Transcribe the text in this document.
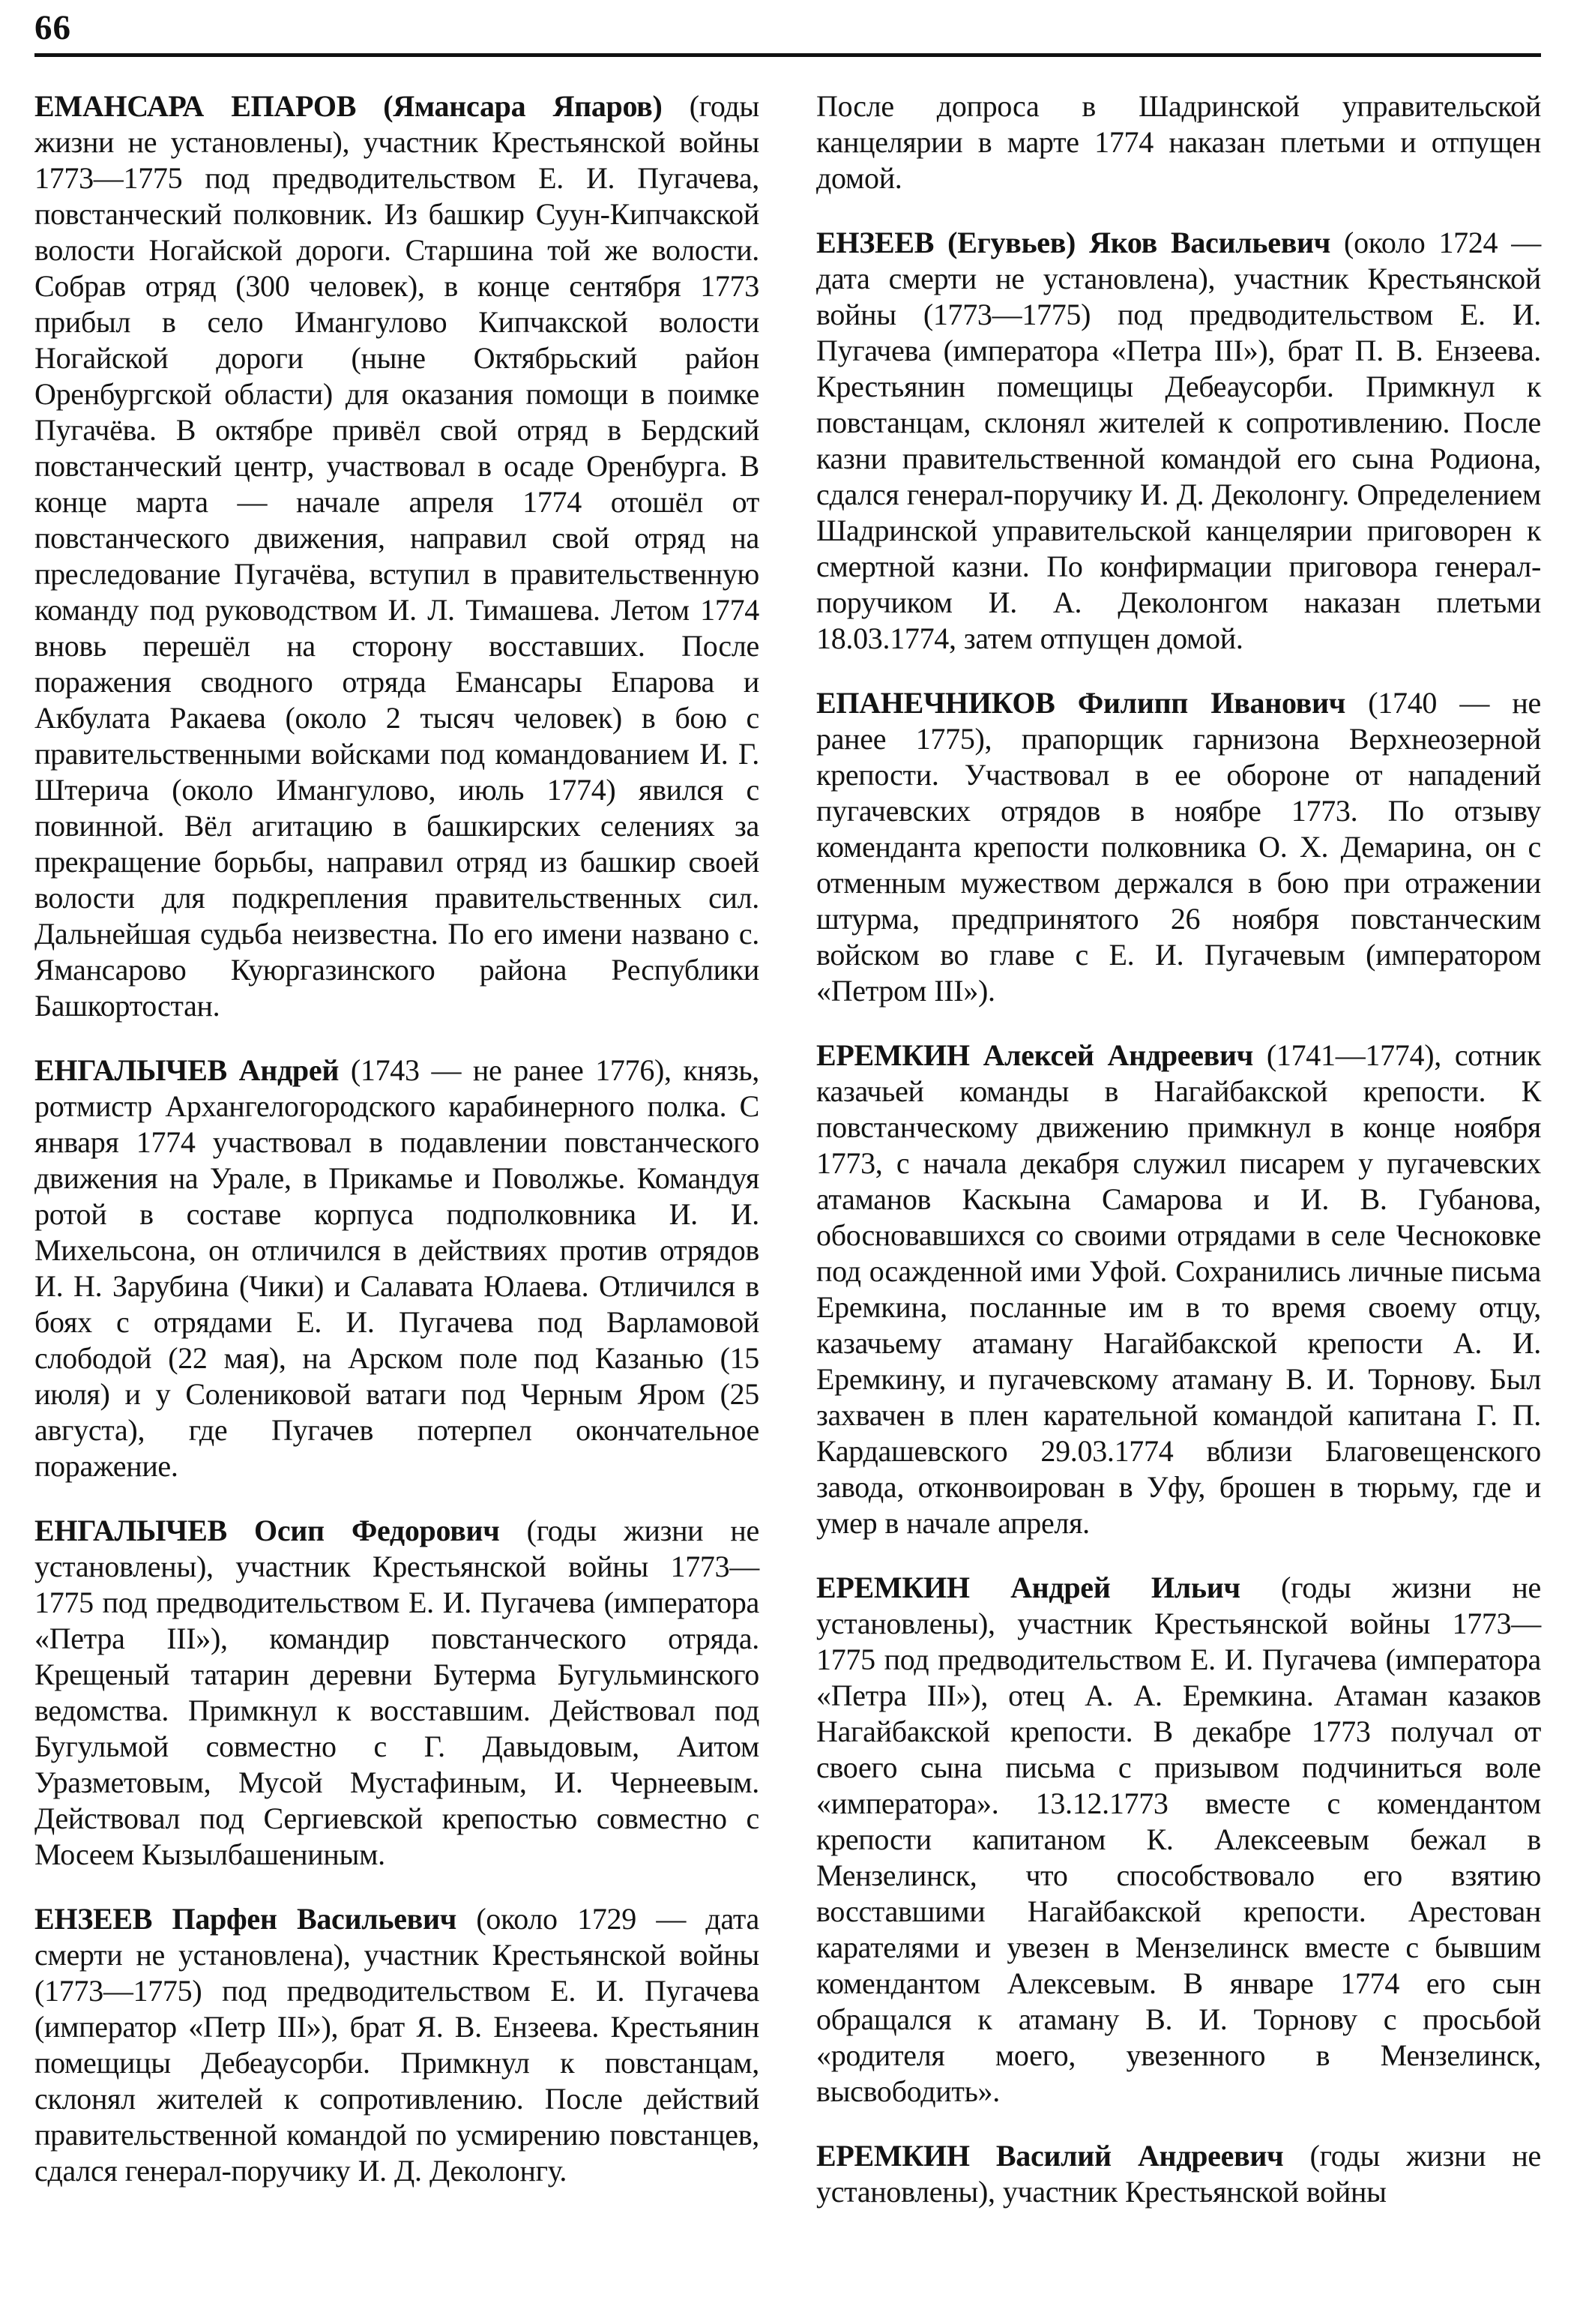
66

ЕМАНСАРА ЕПАРОВ (Ямансара Япаров) (годы жизни не установлены), участник Крестьянской войны 1773—1775 под предводительством Е. И. Пугачева, повстанческий полковник. Из башкир Суун-Кипчакской волости Ногайской дороги. Старшина той же волости. Собрав отряд (300 человек), в конце сентября 1773 прибыл в село Имангулово Кипчакской волости Ногайской дороги (ныне Октябрьский район Оренбургской области) для оказания помощи в поимке Пугачёва. В октябре привёл свой отряд в Бердский повстанческий центр, участвовал в осаде Оренбурга. В конце марта — начале апреля 1774 отошёл от повстанческого движения, направил свой отряд на преследование Пугачёва, вступил в правительственную команду под руководством И. Л. Тимашева. Летом 1774 вновь перешёл на сторону восставших. После поражения сводного отряда Емансары Епарова и Акбулата Ракаева (около 2 тысяч человек) в бою с правительственными войсками под командованием И. Г. Штерича (около Имангулово, июль 1774) явился с повинной. Вёл агитацию в башкирских селениях за прекращение борьбы, направил отряд из башкир своей волости для подкрепления правительственных сил. Дальнейшая судьба неизвестна. По его имени названо с. Ямансарово Куюргазинского района Республики Башкортостан.

ЕНГАЛЫЧЕВ Андрей (1743 — не ранее 1776), князь, ротмистр Архангелогородского карабинерного полка. С января 1774 участвовал в подавлении повстанческого движения на Урале, в Прикамье и Поволжье. Командуя ротой в составе корпуса подполковника И. И. Михельсона, он отличился в действиях против отрядов И. Н. Зарубина (Чики) и Салавата Юлаева. Отличился в боях с отрядами Е. И. Пугачева под Варламовой слободой (22 мая), на Арском поле под Казанью (15 июля) и у Солениковой ватаги под Черным Яром (25 августа), где Пугачев потерпел окончательное поражение.

ЕНГАЛЫЧЕВ Осип Федорович (годы жизни не установлены), участник Крестьянской войны 1773—1775 под предводительством Е. И. Пугачева (императора «Петра III»), командир повстанческого отряда. Крещеный татарин деревни Бутерма Бугульминского ведомства. Примкнул к восставшим. Действовал под Бугульмой совместно с Г. Давыдовым, Аитом Уразметовым, Мусой Мустафиным, И. Чернеевым. Действовал под Сергиевской крепостью совместно с Мосеем Кызылбашениным.

ЕНЗЕЕВ Парфен Васильевич (около 1729 — дата смерти не установлена), участник Крестьянской войны (1773—1775) под предводительством Е. И. Пугачева (император «Петр III»), брат Я. В. Ензеева. Крестьянин помещицы Дебеаусорби. Примкнул к повстанцам, склонял жителей к сопротивлению. После действий правительственной командой по усмирению повстанцев, сдался генерал-поручику И. Д. Деколонгу.

После допроса в Шадринской управительской канцелярии в марте 1774 наказан плетьми и отпущен домой.

ЕНЗЕЕВ (Егувьев) Яков Васильевич (около 1724 — дата смерти не установлена), участник Крестьянской войны (1773—1775) под предводительством Е. И. Пугачева (императора «Петра III»), брат П. В. Ензеева. Крестьянин помещицы Дебеаусорби. Примкнул к повстанцам, склонял жителей к сопротивлению. После казни правительственной командой его сына Родиона, сдался генерал-поручику И. Д. Деколонгу. Определением Шадринской управительской канцелярии приговорен к смертной казни. По конфирмации приговора генерал-поручиком И. А. Деколонгом наказан плетьми 18.03.1774, затем отпущен домой.

ЕПАНЕЧНИКОВ Филипп Иванович (1740 — не ранее 1775), прапорщик гарнизона Верхнеозерной крепости. Участвовал в ее обороне от нападений пугачевских отрядов в ноябре 1773. По отзыву коменданта крепости полковника О. Х. Демарина, он с отменным мужеством держался в бою при отражении штурма, предпринятого 26 ноября повстанческим войском во главе с Е. И. Пугачевым (императором «Петром III»).

ЕРЕМКИН Алексей Андреевич (1741—1774), сотник казачьей команды в Нагайбакской крепости. К повстанческому движению примкнул в конце ноября 1773, с начала декабря служил писарем у пугачевских атаманов Каскына Самарова и И. В. Губанова, обосновавшихся со своими отрядами в селе Чесноковке под осажденной ими Уфой. Сохранились личные письма Еремкина, посланные им в то время своему отцу, казачьему атаману Нагайбакской крепости А. И. Еремкину, и пугачевскому атаману В. И. Торнову. Был захвачен в плен карательной командой капитана Г. П. Кардашевского 29.03.1774 вблизи Благовещенского завода, отконвоирован в Уфу, брошен в тюрьму, где и умер в начале апреля.

ЕРЕМКИН Андрей Ильич (годы жизни не установлены), участник Крестьянской войны 1773—1775 под предводительством Е. И. Пугачева (императора «Петра III»), отец А. А. Еремкина. Атаман казаков Нагайбакской крепости. В декабре 1773 получал от своего сына письма с призывом подчиниться воле «императора». 13.12.1773 вместе с комендантом крепости капитаном К. Алексеевым бежал в Мензелинск, что способствовало его взятию восставшими Нагайбакской крепости. Арестован карателями и увезен в Мензелинск вместе с бывшим комендантом Алексевым. В январе 1774 его сын обращался к атаману В. И. Торнову с просьбой «родителя моего, увезенного в Мензелинск, высвободить».

ЕРЕМКИН Василий Андреевич (годы жизни не установлены), участник Крестьянской войны
